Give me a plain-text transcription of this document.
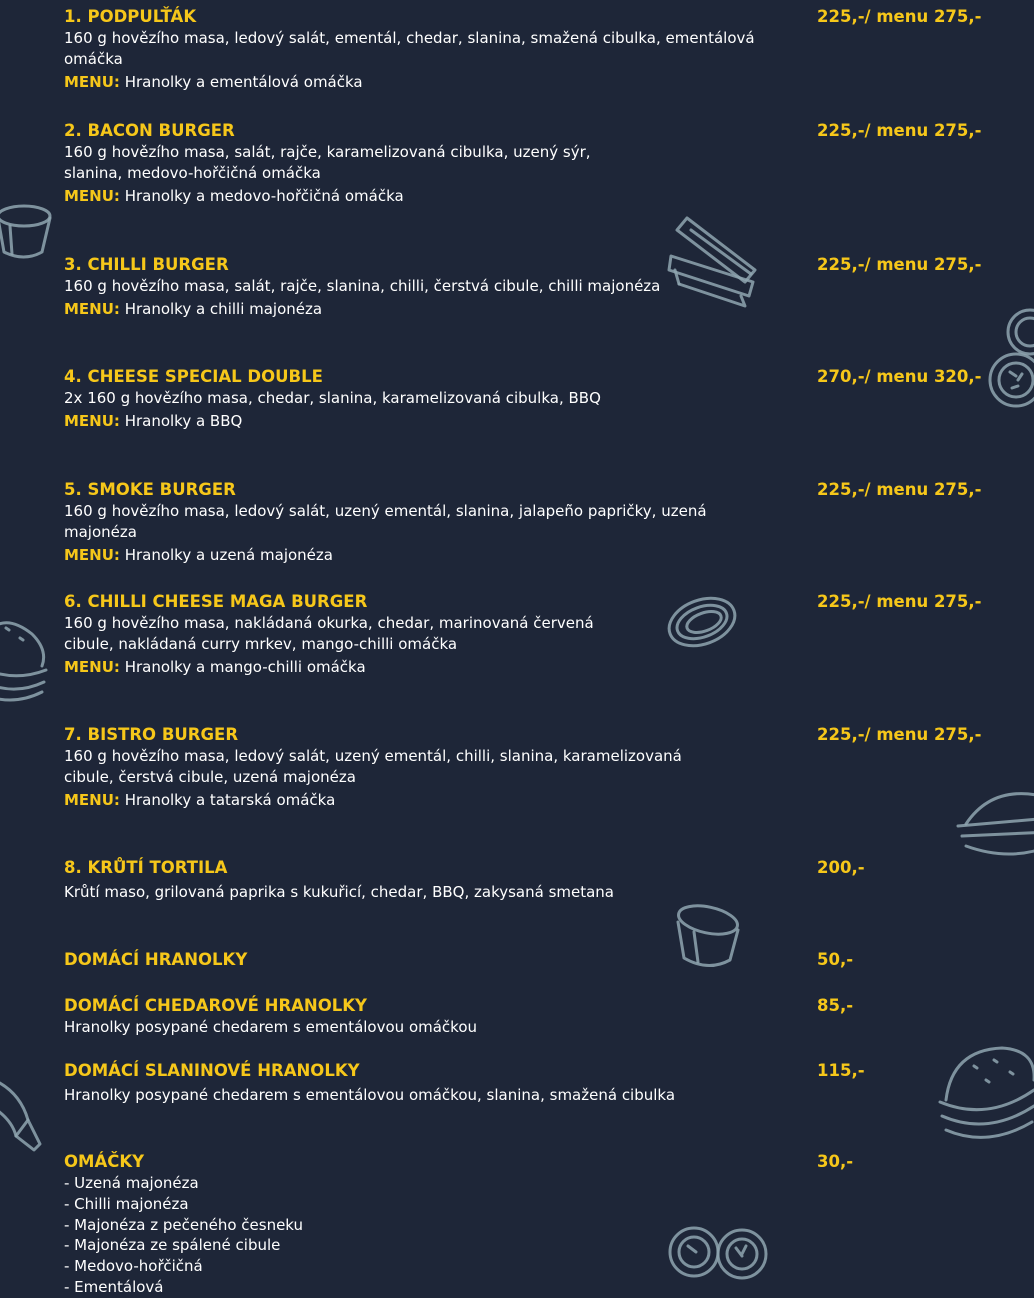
1. PODPULŤÁK	225,-/ menu 275,-
160 g hovězího masa, ledový salát, ementál, chedar, slanina, smažená cibulka, ementálová omáčka
MENU: Hranolky a ementálová omáčka
2. BACON BURGER	225,-/ menu 275,-
160 g hovězího masa, salát, rajče, karamelizovaná cibulka, uzený sýr, slanina, medovo-hořčičná omáčka
MENU: Hranolky a medovo-hořčičná omáčka
3. CHILLI BURGER	225,-/ menu 275,-
160 g hovězího masa, salát, rajče, slanina, chilli, čerstvá cibule, chilli majonéza
MENU: Hranolky a chilli majonéza
4. CHEESE SPECIAL DOUBLE	270,-/ menu 320,-
2x 160 g hovězího masa, chedar, slanina, karamelizovaná cibulka, BBQ
MENU: Hranolky a BBQ
5. SMOKE BURGER	225,-/ menu 275,-
160 g hovězího masa, ledový salát, uzený ementál, slanina, jalapeño papričky, uzená majonéza
MENU: Hranolky a uzená majonéza
6. CHILLI CHEESE MAGA BURGER	225,-/ menu 275,-
160 g hovězího masa, nakládaná okurka, chedar, marinovaná červená cibule, nakládaná curry mrkev, mango-chilli omáčka
MENU: Hranolky a mango-chilli omáčka
7. BISTRO BURGER	225,-/ menu 275,-
160 g hovězího masa, ledový salát, uzený ementál, chilli, slanina, karamelizovaná cibule, čerstvá cibule, uzená majonéza
MENU: Hranolky a tatarská omáčka
8. KRŮTÍ TORTILA	200,-
Krůtí maso, grilovaná paprika s kukuřicí, chedar, BBQ, zakysaná smetana
DOMÁCÍ HRANOLKY	50,-
DOMÁCÍ CHEDAROVÉ HRANOLKY	85,-
Hranolky posypané chedarem s ementálovou omáčkou
DOMÁCÍ SLANINOVÉ HRANOLKY	115,-
Hranolky posypané chedarem s ementálovou omáčkou, slanina, smažená cibulka
OMÁČKY	30,-
- Uzená majonéza
- Chilli majonéza
- Majonéza z pečeného česneku
- Majonéza ze spálené cibule
- Medovo-hořčičná
- Ementálová
